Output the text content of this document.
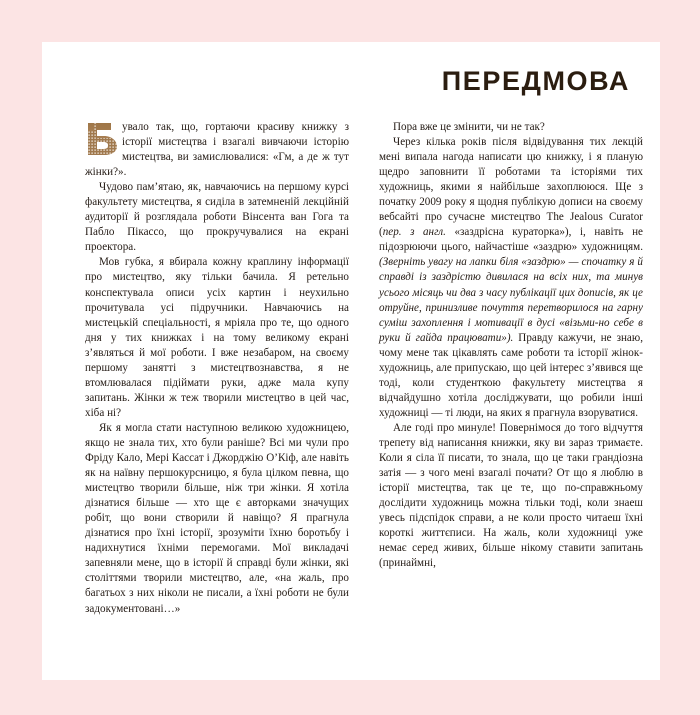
ПЕРЕДМОВА

увало так, що, гортаючи красиву книжку з історії мистецтва і взагалі вивчаючи історію мистецтва, ви замислювалися: «Гм, а де ж тут жінки?».

Чудово пам’ятаю, як, навчаючись на першому курсі факультету мистецтва, я сиділа в затемненій лекційній аудиторії й розглядала роботи Вінсента ван Гога та Пабло Пікассо, що прокручувалися на екрані проектора.

Мов губка, я вбирала кожну краплину інформації про мистецтво, яку тільки бачила. Я ретельно конспектувала описи усіх картин і неухильно прочитувала усі підручники. Навчаючись на мистецькій спеціальності, я мріяла про те, що одного дня у тих книжках і на тому великому екрані з’являться й мої роботи. І вже незабаром, на своєму першому занятті з мистецтвознавства, я не втомлювалася підіймати руки, адже мала купу запитань. Жінки ж теж творили мистецтво в цей час, хіба ні?

Як я могла стати наступною великою художницею, якщо не знала тих, хто були раніше? Всі ми чули про Фріду Кало, Мері Кассат і Джорджію О’Кіф, але навіть як на наївну першокурсницю, я була цілком певна, що мистецтво творили більше, ніж три жінки. Я хотіла дізнатися більше — хто ще є авторками значущих робіт, що вони створили й навіщо? Я прагнула дізнатися про їхні історії, зрозуміти їхню боротьбу і надихнутися їхніми перемогами. Мої викладачі запевняли мене, що в історії й справді були жінки, які століттями творили мистецтво, але, «на жаль, про багатьох з них ніколи не писали, а їхні роботи не були задокументовані…»

Пора вже це змінити, чи не так?

Через кілька років після відвідування тих лекцій мені випала нагода написати цю книжку, і я планую щедро заповнити її роботами та історіями тих художниць, якими я найбільше захоплююся. Ще з початку 2009 року я щодня публікую дописи на своєму вебсайті про сучасне мистецтво The Jealous Curator (пер. з англ. «заздрісна кураторка»), і, навіть не підозрюючи цього, найчастіше «заздрю» художницям. (Зверніть увагу на лапки біля «заздрю» — спочатку я й справді із заздрістю дивилася на всіх них, та минув усього місяць чи два з часу публікації цих дописів, як це отруйне, принизливе почуття перетворилося на гарну суміш захоплення і мотивації в дусі «візьми-но себе в руки й гайда працювати»). Правду кажучи, не знаю, чому мене так цікавлять саме роботи та історії жінок-художниць, але припускаю, що цей інтерес з’явився ще тоді, коли студенткою факультету мистецтва я відчайдушно хотіла досліджувати, що робили інші художниці — ті люди, на яких я прагнула взоруватися.

Але годі про минуле! Повернімося до того відчуття трепету від написання книжки, яку ви зараз тримаєте. Коли я сіла її писати, то знала, що це таки грандіозна затія — з чого мені взагалі почати? От що я люблю в історії мистецтва, так це те, що по-справжньому дослідити художниць можна тільки тоді, коли знаеш увесь підспідок справи, а не коли просто читаеш їхні короткі життєписи. На жаль, коли художниці уже немає серед живих, більше нікому ставити запитань (принаймні,
